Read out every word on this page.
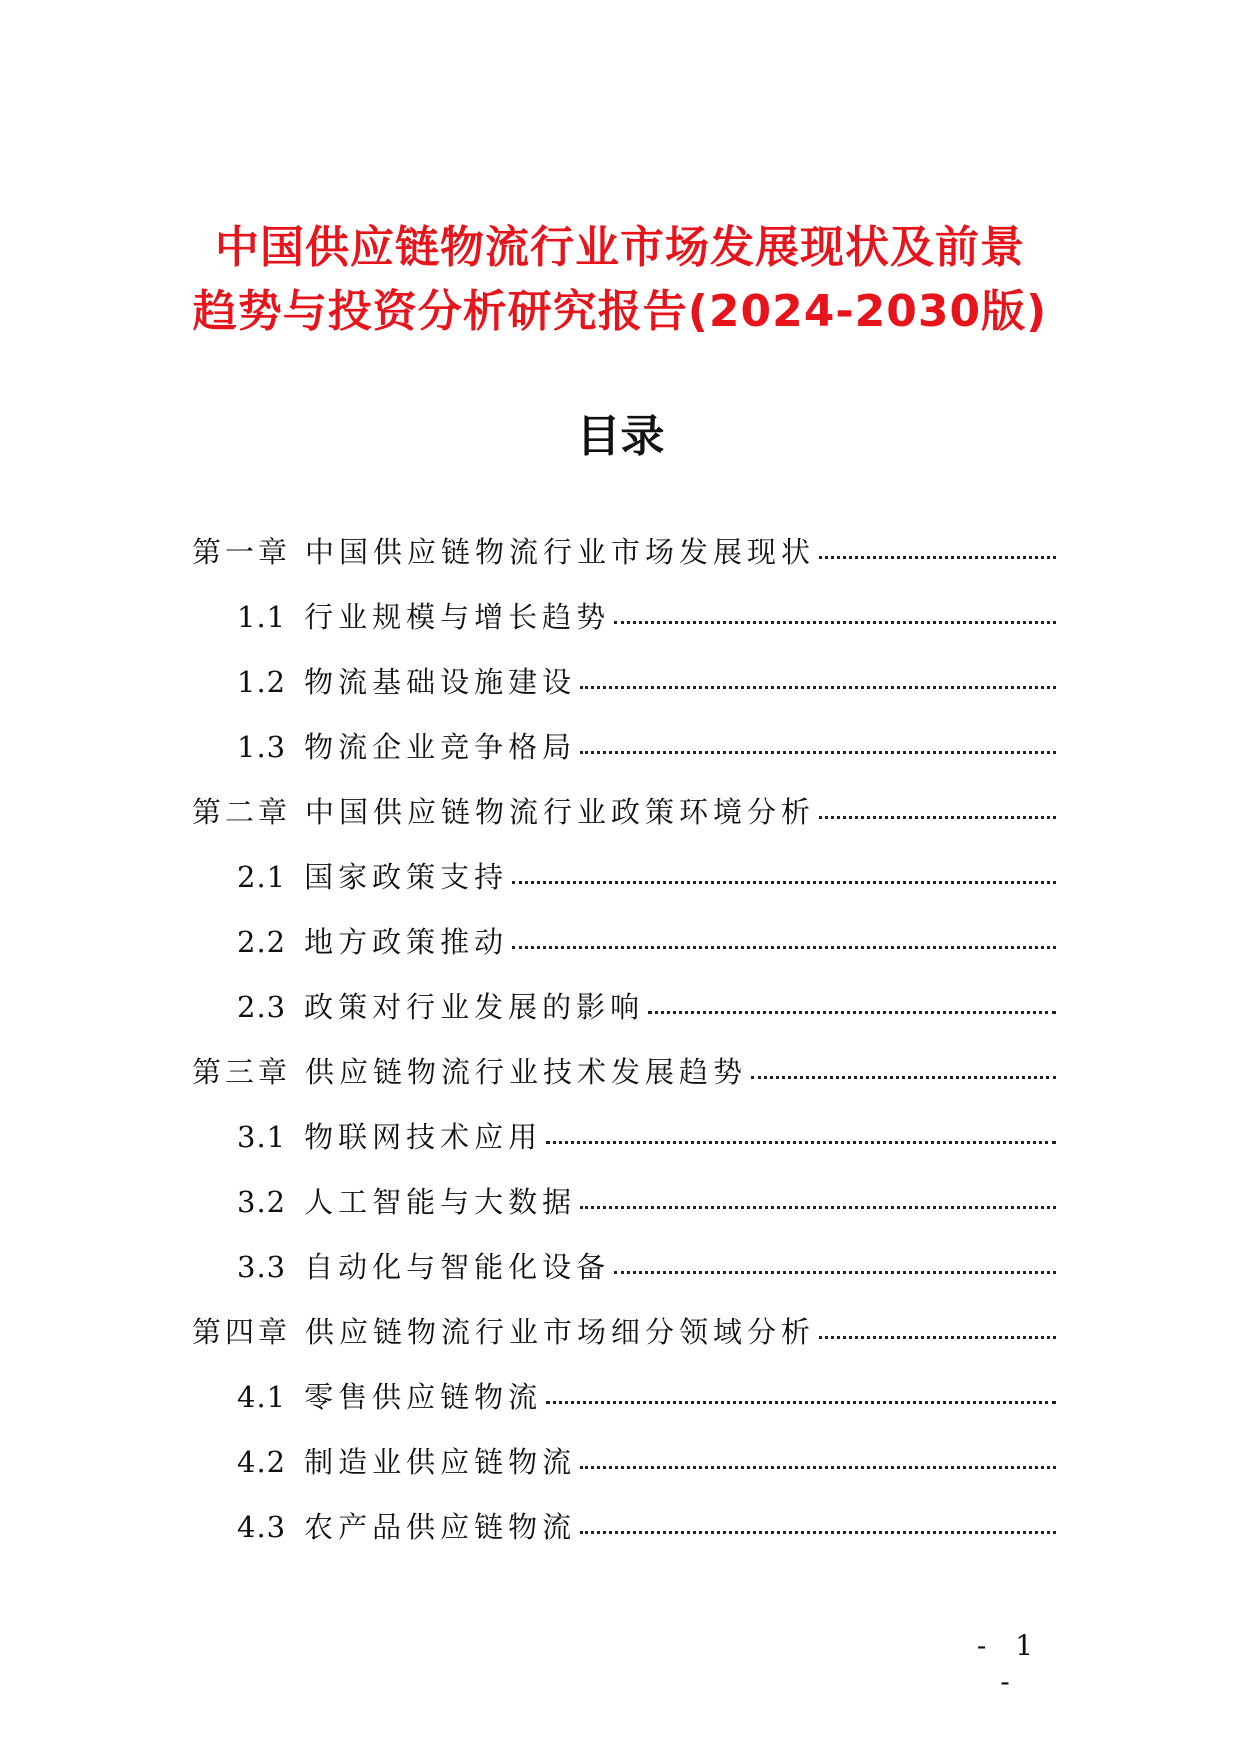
中国供应链物流行业市场发展现状及前景
趋势与投资分析研究报告(2024-2030版)
目录
第一章 中国供应链物流行业市场发展现状
1.1 行业规模与增长趋势
1.2 物流基础设施建设
1.3 物流企业竞争格局
第二章 中国供应链物流行业政策环境分析
2.1 国家政策支持
2.2 地方政策推动
2.3 政策对行业发展的影响
第三章 供应链物流行业技术发展趋势
3.1 物联网技术应用
3.2 人工智能与大数据
3.3 自动化与智能化设备
第四章 供应链物流行业市场细分领域分析
4.1 零售供应链物流
4.2 制造业供应链物流
4.3 农产品供应链物流

- 1 -
